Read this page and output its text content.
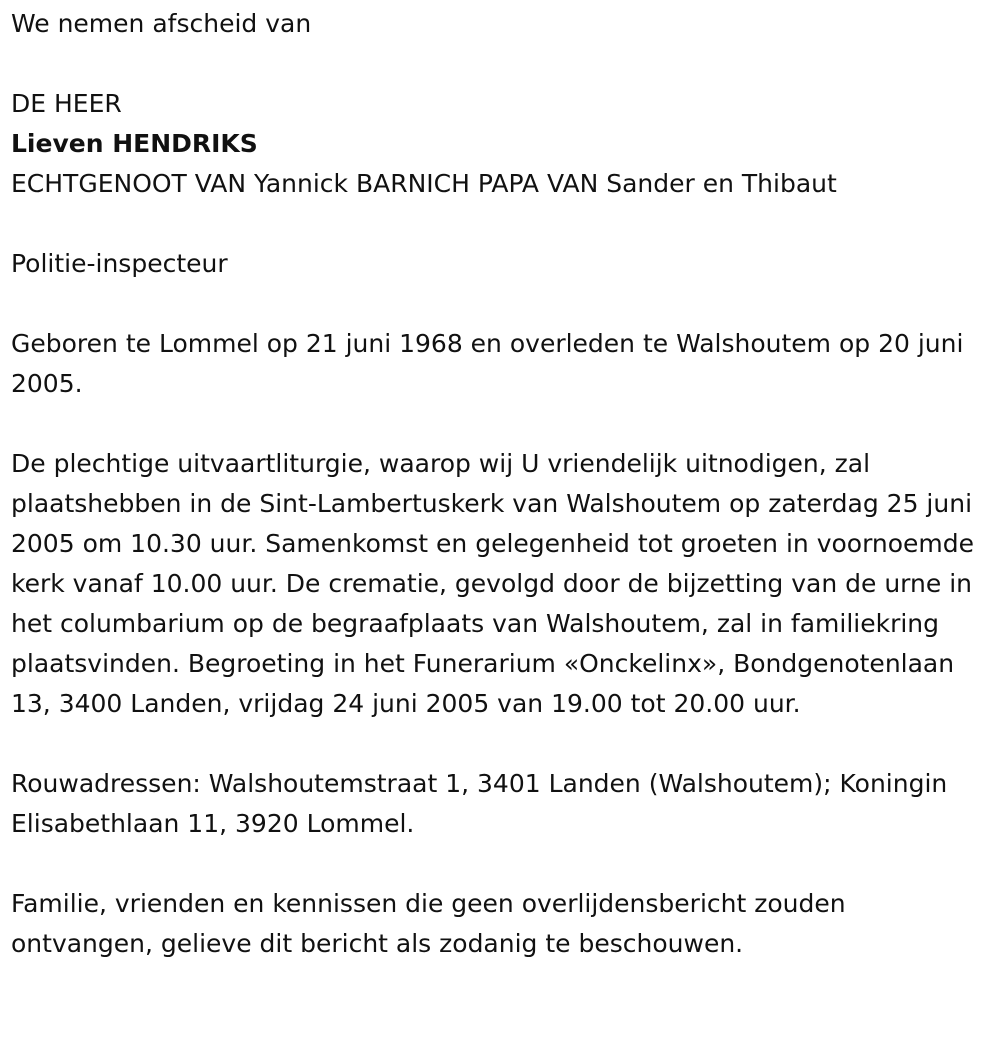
We nemen afscheid van

DE HEER

Lieven HENDRIKS

ECHTGENOOT VAN Yannick BARNICH PAPA VAN Sander en Thibaut

Politie-inspecteur

Geboren te Lommel op 21 juni 1968 en overleden te Walshoutem op 20 juni 2005.

De plechtige uitvaartliturgie, waarop wij U vriendelijk uitnodigen, zal plaatshebben in de Sint-Lambertuskerk van Walshoutem op zaterdag 25 juni 2005 om 10.30 uur. Samenkomst en gelegenheid tot groeten in voornoemde kerk vanaf 10.00 uur. De crematie, gevolgd door de bijzetting van de urne in het columbarium op de begraafplaats van Walshoutem, zal in familiekring plaatsvinden. Begroeting in het Funerarium «Onckelinx», Bondgenotenlaan 13, 3400 Landen, vrijdag 24 juni 2005 van 19.00 tot 20.00 uur.

Rouwadressen: Walshoutemstraat 1, 3401 Landen (Walshoutem); Koningin Elisabethlaan 11, 3920 Lommel.

Familie, vrienden en kennissen die geen overlijdensbericht zouden ontvangen, gelieve dit bericht als zodanig te beschouwen.
